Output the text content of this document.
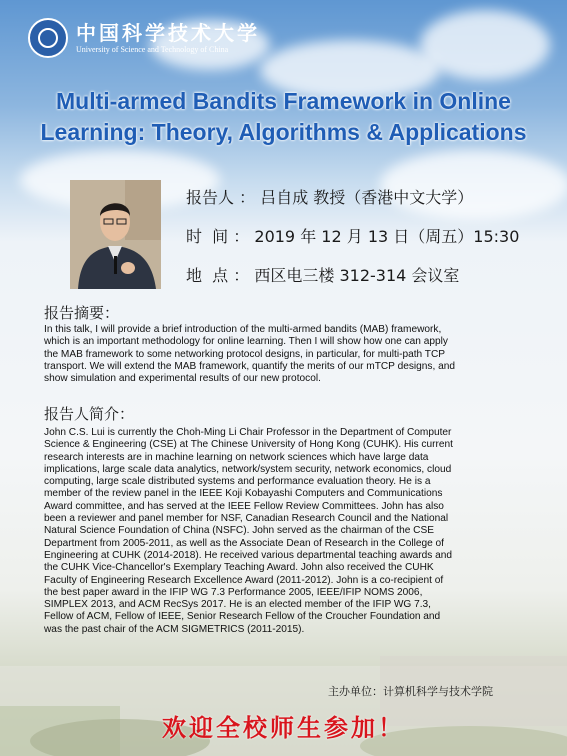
中国科学技术大学
University of Science and Technology of China
Multi-armed Bandits Framework in Online
Learning: Theory, Algorithms & Applications
报告人 ： 吕自成 教授（香港中文大学）
时  间 ： 2019 年 12 月 13 日（周五）15:30
地  点 ： 西区电三楼 312-314 会议室
报告摘要：
In this talk, I will provide a brief introduction of the multi-armed bandits (MAB) framework,
which is an important methodology for online learning. Then I will show how one can apply
the MAB framework to some networking protocol designs, in particular, for multi-path TCP
transport. We will extend the MAB framework, quantify the merits of our mTCP designs, and
show simulation and experimental results of our new protocol.
报告人简介：
John C.S. Lui is currently the Choh-Ming Li Chair Professor in the Department of Computer
Science & Engineering (CSE) at The Chinese University of Hong Kong (CUHK). His current
research interests are in machine learning on network sciences which have large data
implications, large scale data analytics, network/system security, network economics, cloud
computing, large scale distributed systems and performance evaluation theory. He is a
member of the review panel in the IEEE Koji Kobayashi Computers and Communications
Award committee, and has served at the IEEE Fellow Review Committees. John has also
been a reviewer and panel member for NSF, Canadian Research Council and the National
Natural Science Foundation of China (NSFC). John served as the chairman of the CSE
Department from 2005-2011, as well as the Associate Dean of Research in the College of
Engineering at CUHK (2014-2018). He received various departmental teaching awards and
the CUHK Vice-Chancellor's Exemplary Teaching Award. John also received the CUHK
Faculty of Engineering Research Excellence Award (2011-2012). John is a co-recipient of
the best paper award in the IFIP WG 7.3 Performance 2005, IEEE/IFIP NOMS 2006,
SIMPLEX 2013, and ACM RecSys 2017. He is an elected member of the IFIP WG 7.3,
Fellow of ACM, Fellow of IEEE, Senior Research Fellow of the Croucher Foundation and
was the past chair of the ACM SIGMETRICS (2011-2015).
主办单位：计算机科学与技术学院
欢迎全校师生参加！
